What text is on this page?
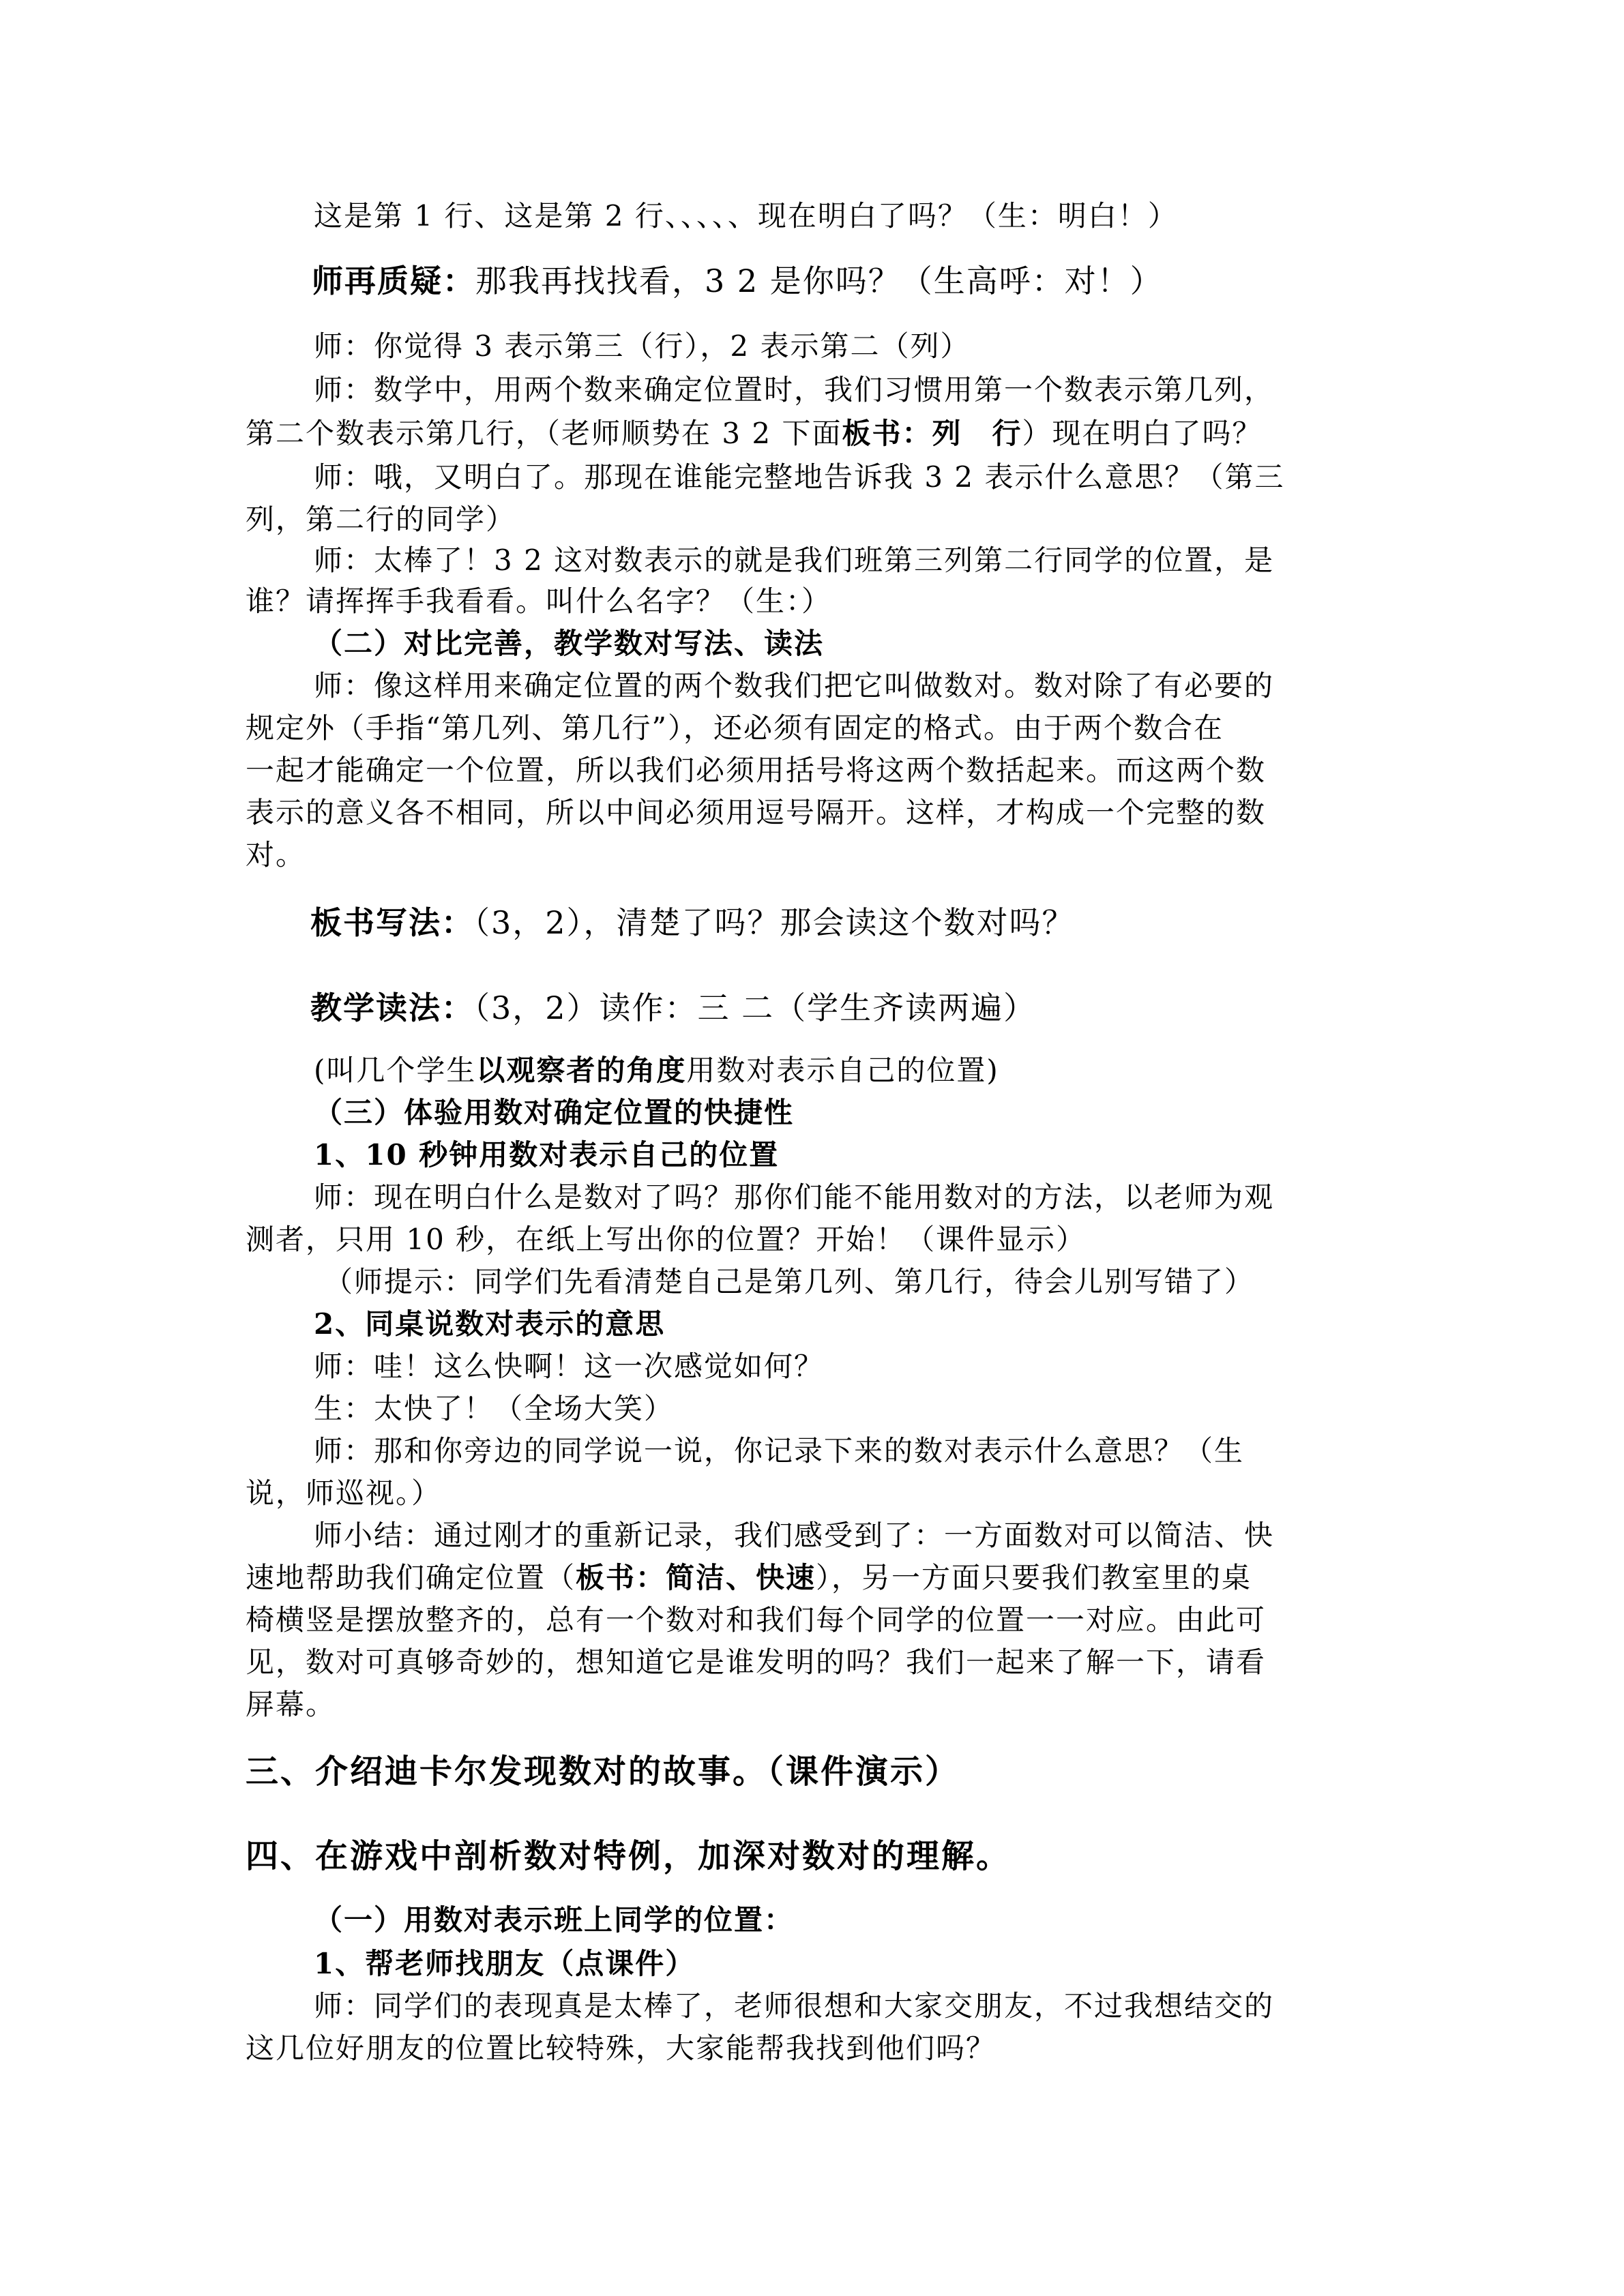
这是第 1 行、这是第 2 行、、、、、现在明白了吗？（生：明白！）
师再质疑：那我再找找看，3 2 是你吗？（生高呼：对！）
师：你觉得 3 表示第三（行），2 表示第二（列）
师：数学中，用两个数来确定位置时，我们习惯用第一个数表示第几列，
第二个数表示第几行，（老师顺势在 3 2 下面板书：列　行）现在明白了吗？
师：哦，又明白了。那现在谁能完整地告诉我 3 2 表示什么意思？（第三
列，第二行的同学）
师：太棒了！3 2 这对数表示的就是我们班第三列第二行同学的位置，是
谁？请挥挥手我看看。叫什么名字？（生：）
（二）对比完善，教学数对写法、读法
师：像这样用来确定位置的两个数我们把它叫做数对。数对除了有必要的
规定外（手指“第几列、第几行”），还必须有固定的格式。由于两个数合在
一起才能确定一个位置，所以我们必须用括号将这两个数括起来。而这两个数
表示的意义各不相同，所以中间必须用逗号隔开。这样，才构成一个完整的数
对。
板书写法：（3，2），清楚了吗？那会读这个数对吗？
教学读法：（3，2）读作：三 二（学生齐读两遍）
(叫几个学生以观察者的角度用数对表示自己的位置)
（三）体验用数对确定位置的快捷性
1、10 秒钟用数对表示自己的位置
师：现在明白什么是数对了吗？那你们能不能用数对的方法，以老师为观
测者，只用 10 秒，在纸上写出你的位置？开始！（课件显示）
（师提示：同学们先看清楚自己是第几列、第几行，待会儿别写错了）
2、同桌说数对表示的意思
师：哇！这么快啊！这一次感觉如何？
生：太快了！（全场大笑）
师：那和你旁边的同学说一说，你记录下来的数对表示什么意思？（生
说，师巡视。）
师小结：通过刚才的重新记录，我们感受到了：一方面数对可以简洁、快
速地帮助我们确定位置（板书：简洁、快速），另一方面只要我们教室里的桌
椅横竖是摆放整齐的，总有一个数对和我们每个同学的位置一一对应。由此可
见，数对可真够奇妙的，想知道它是谁发明的吗？我们一起来了解一下，请看
屏幕。
三、介绍迪卡尔发现数对的故事。（课件演示）
四、在游戏中剖析数对特例，加深对数对的理解。
（一）用数对表示班上同学的位置：
1、帮老师找朋友（点课件）
师：同学们的表现真是太棒了，老师很想和大家交朋友，不过我想结交的
这几位好朋友的位置比较特殊，大家能帮我找到他们吗？
